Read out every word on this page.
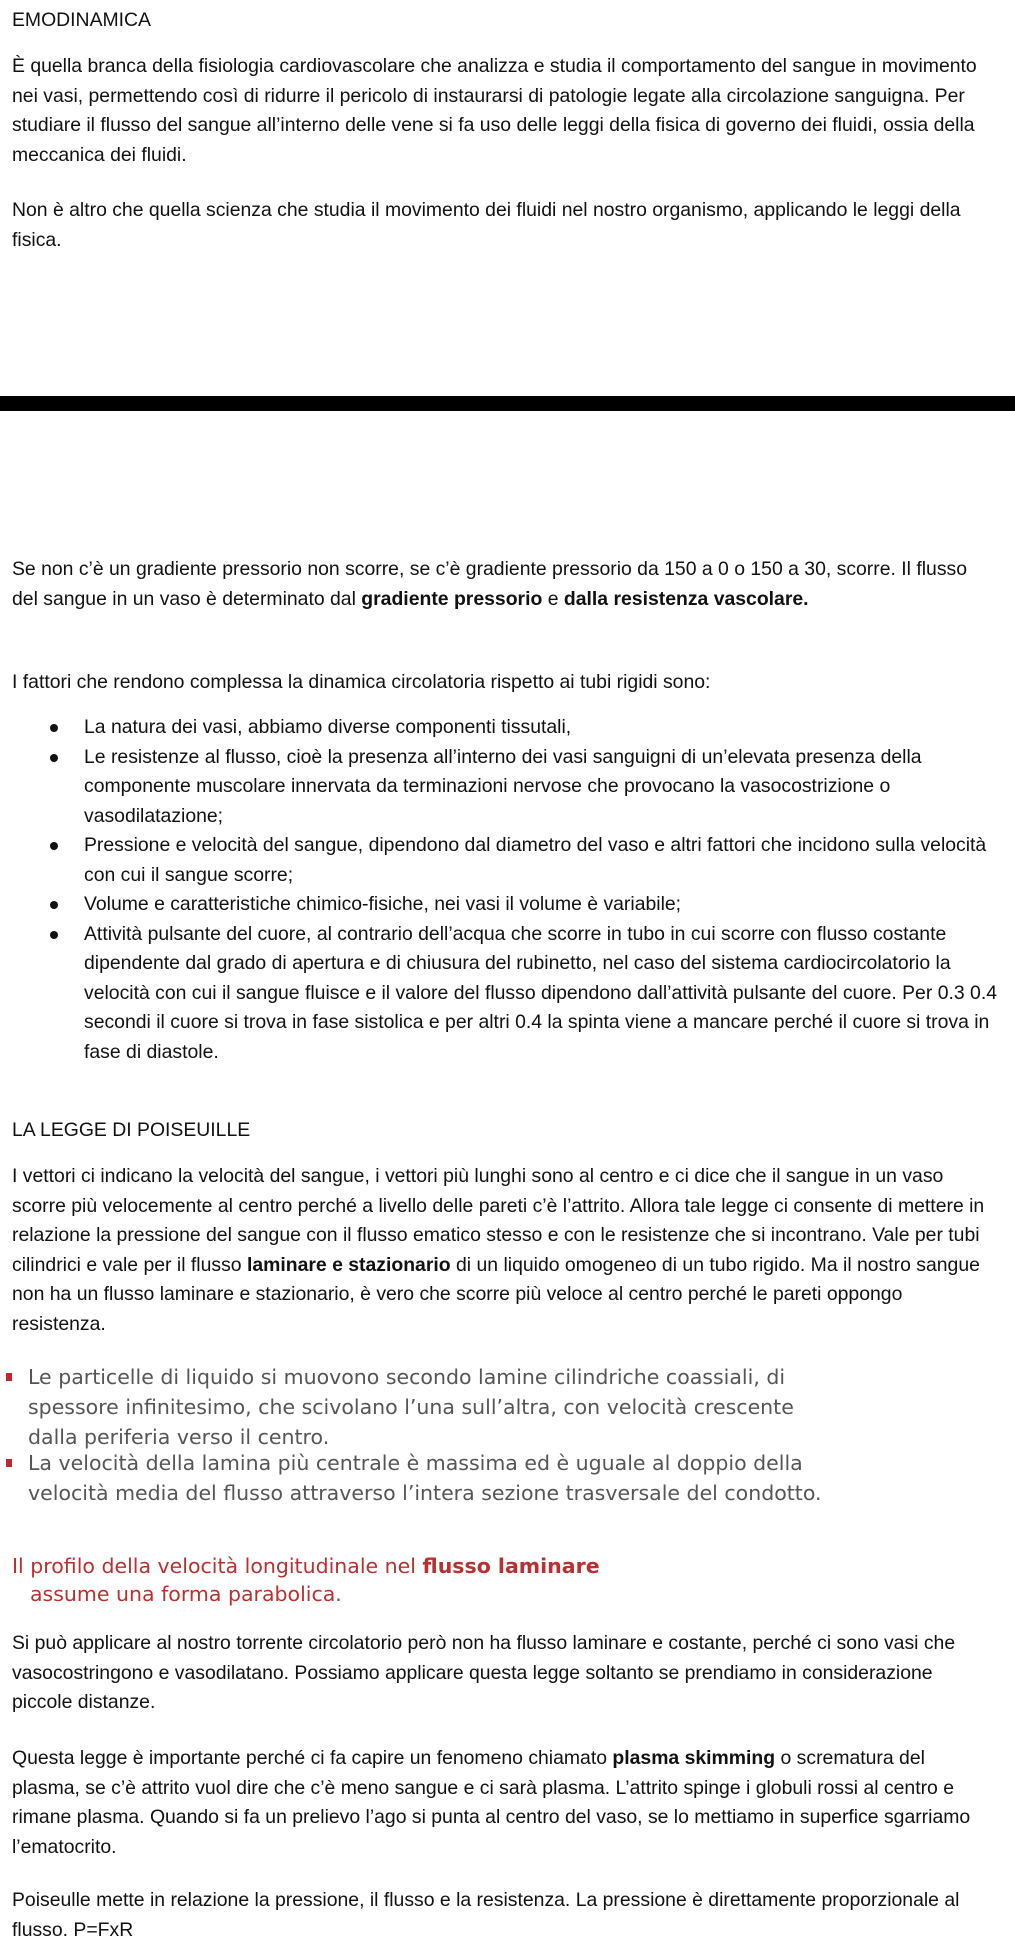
EMODINAMICA

È quella branca della fisiologia cardiovascolare che analizza e studia il comportamento del sangue in movimento nei vasi, permettendo così di ridurre il pericolo di instaurarsi di patologie legate alla circolazione sanguigna. Per studiare il flusso del sangue all’interno delle vene si fa uso delle leggi della fisica di governo dei fluidi, ossia della meccanica dei fluidi.

Non è altro che quella scienza che studia il movimento dei fluidi nel nostro organismo, applicando le leggi della fisica.

Se non c’è un gradiente pressorio non scorre, se c’è gradiente pressorio da 150 a 0 o 150 a 30, scorre. Il flusso del sangue in un vaso è determinato dal gradiente pressorio e dalla resistenza vascolare.

I fattori che rendono complessa la dinamica circolatoria rispetto ai tubi rigidi sono:

La natura dei vasi, abbiamo diverse componenti tissutali,
Le resistenze al flusso, cioè la presenza all’interno dei vasi sanguigni di un’elevata presenza della componente muscolare innervata da terminazioni nervose che provocano la vasocostrizione o vasodilatazione;
Pressione e velocità del sangue, dipendono dal diametro del vaso e altri fattori che incidono sulla velocità con cui il sangue scorre;
Volume e caratteristiche chimico-fisiche, nei vasi il volume è variabile;
Attività pulsante del cuore, al contrario dell’acqua che scorre in tubo in cui scorre con flusso costante dipendente dal grado di apertura e di chiusura del rubinetto, nel caso del sistema cardiocircolatorio la velocità con cui il sangue fluisce e il valore del flusso dipendono dall’attività pulsante del cuore. Per 0.3 0.4 secondi il cuore si trova in fase sistolica e per altri 0.4 la spinta viene a mancare perché il cuore si trova in fase di diastole.
LA LEGGE DI POISEUILLE

I vettori ci indicano la velocità del sangue, i vettori più lunghi sono al centro e ci dice che il sangue in un vaso scorre più velocemente al centro perché a livello delle pareti c’è l’attrito. Allora tale legge ci consente di mettere in relazione la pressione del sangue con il flusso ematico stesso e con le resistenze che si incontrano. Vale per tubi cilindrici e vale per il flusso laminare e stazionario di un liquido omogeneo di un tubo rigido. Ma il nostro sangue non ha un flusso laminare e stazionario, è vero che scorre più veloce al centro perché le pareti oppongo resistenza.

Le particelle di liquido si muovono secondo lamine cilindriche coassiali, di spessore infinitesimo, che scivolano l’una sull’altra, con velocità crescente dalla periferia verso il centro.

La velocità della lamina più centrale è massima ed è uguale al doppio della velocità media del flusso attraverso l’intera sezione trasversale del condotto.

Il profilo della velocità longitudinale nel flusso laminare
assume una forma parabolica.

Si può applicare al nostro torrente circolatorio però non ha flusso laminare e costante, perché ci sono vasi che vasocostringono e vasodilatano. Possiamo applicare questa legge soltanto se prendiamo in considerazione piccole distanze.

Questa legge è importante perché ci fa capire un fenomeno chiamato plasma skimming o scrematura del plasma, se c’è attrito vuol dire che c’è meno sangue e ci sarà plasma. L’attrito spinge i globuli rossi al centro e rimane plasma. Quando si fa un prelievo l’ago si punta al centro del vaso, se lo mettiamo in superfice sgarriamo l’ematocrito.

Poiseulle mette in relazione la pressione, il flusso e la resistenza. La pressione è direttamente proporzionale al flusso. P=FxR
